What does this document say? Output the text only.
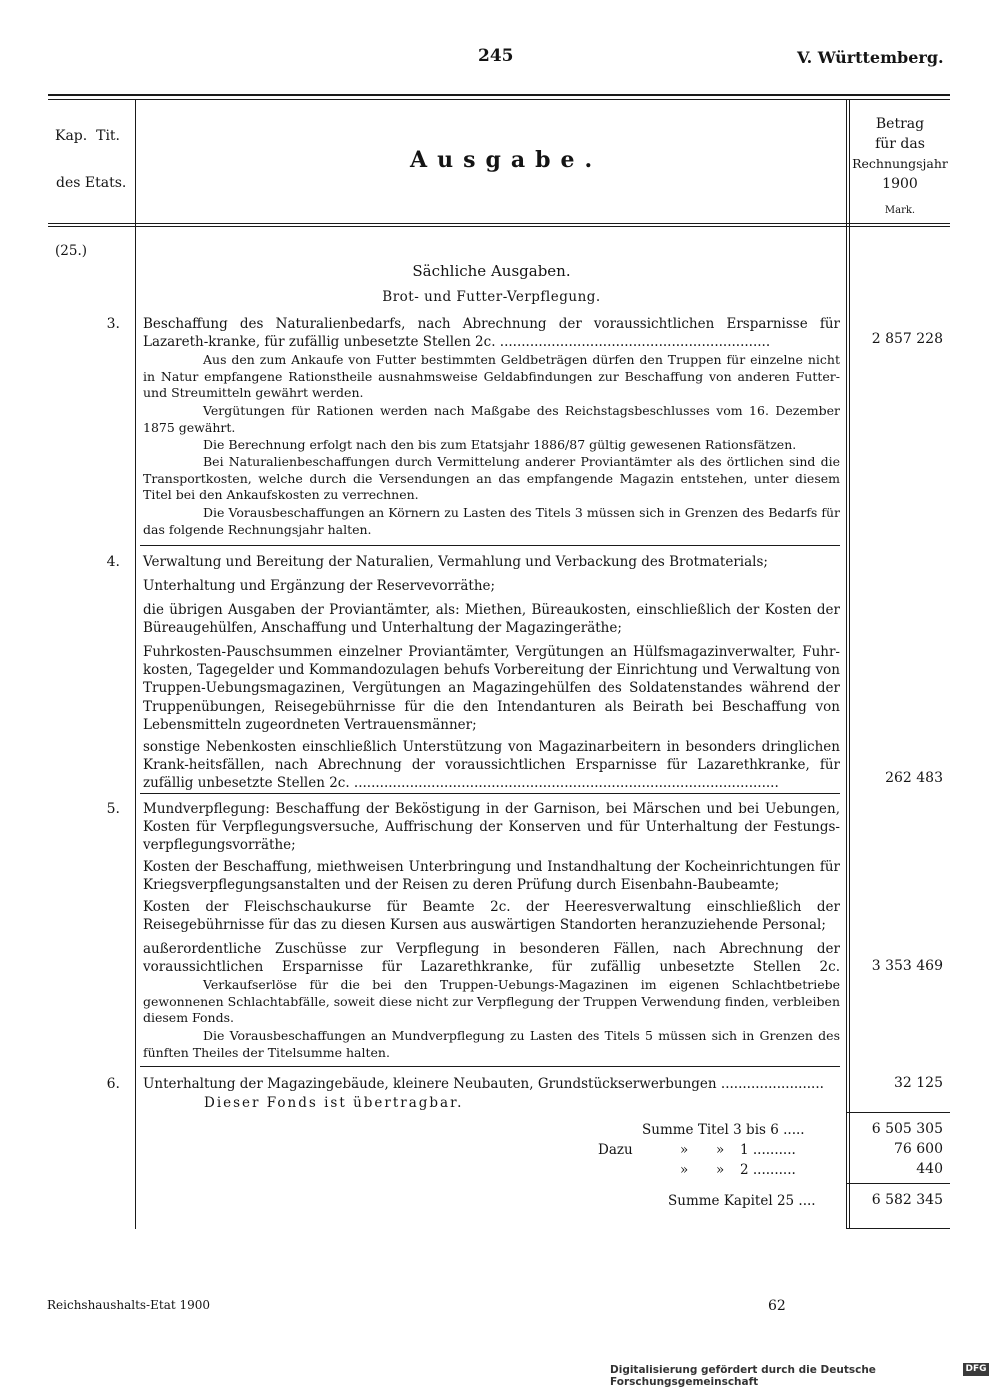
245	V. Württemberg.
Kap.  Tit.
des Etats.
Ausgabe.
Betrag
für das
Rechnungsjahr
1900
Mark.
(25.)
Sächliche Ausgaben.
Brot- und Futter-Verpflegung.
3. Beschaffung des Naturalienbedarfs, nach Abrechnung der voraussichtlichen Ersparnisse für Lazareth-kranke, für zufällig unbesetzte Stellen 2c. ...............................................................	2 857 228
Aus den zum Ankaufe von Futter bestimmten Geldbeträgen dürfen den Truppen für einzelne nicht in Natur empfangene Rationstheile ausnahmsweise Geldabfindungen zur Beschaffung von anderen Futter- und Streumitteln gewährt werden.
Vergütungen für Rationen werden nach Maßgabe des Reichstagsbeschlusses vom 16. Dezember 1875 gewährt.
Die Berechnung erfolgt nach den bis zum Etatsjahr 1886/87 gültig gewesenen Rationsfätzen.
Bei Naturalienbeschaffungen durch Vermittelung anderer Proviantämter als des örtlichen sind die Transportkosten, welche durch die Versendungen an das empfangende Magazin entstehen, unter diesem Titel bei den Ankaufskosten zu verrechnen.
Die Vorausbeschaffungen an Körnern zu Lasten des Titels 3 müssen sich in Grenzen des Bedarfs für das folgende Rechnungsjahr halten.
4. Verwaltung und Bereitung der Naturalien, Vermahlung und Verbackung des Brotmaterials;
Unterhaltung und Ergänzung der Reservevorräthe;
die übrigen Ausgaben der Proviantämter, als: Miethen, Büreaukosten, einschließlich der Kosten der Büreaugehülfen, Anschaffung und Unterhaltung der Magazingeräthe;
Fuhrkosten-Pauschsummen einzelner Proviantämter, Vergütungen an Hülfsmagazinverwalter, Fuhr-kosten, Tagegelder und Kommandozulagen behufs Vorbereitung der Einrichtung und Verwaltung von Truppen-Uebungsmagazinen, Vergütungen an Magazingehülfen des Soldatenstandes während der Truppenübungen, Reisegebührnisse für die den Intendanturen als Beirath bei Beschaffung von Lebensmitteln zugeordneten Vertrauensmänner;
sonstige Nebenkosten einschließlich Unterstützung von Magazinarbeitern in besonders dringlichen Krank-heitsfällen, nach Abrechnung der voraussichtlichen Ersparnisse für Lazarethkranke, für zufällig unbesetzte Stellen 2c. ...................................................................................................	262 483
5. Mundverpflegung: Beschaffung der Beköstigung in der Garnison, bei Märschen und bei Uebungen, Kosten für Verpflegungsversuche, Auffrischung der Konserven und für Unterhaltung der Festungs-verpflegungsvorräthe;
Kosten der Beschaffung, miethweisen Unterbringung und Instandhaltung der Kocheinrichtungen für Kriegsverpflegungsanstalten und der Reisen zu deren Prüfung durch Eisenbahn-Baubeamte;
Kosten der Fleischschaukurse für Beamte 2c. der Heeresverwaltung einschließlich der Reisegebührnisse für das zu diesen Kursen aus auswärtigen Standorten heranzuziehende Personal;
außerordentliche Zuschüsse zur Verpflegung in besonderen Fällen, nach Abrechnung der voraussichtlichen Ersparnisse für Lazarethkranke, für zufällig unbesetzte Stellen 2c.	3 353 469
Verkaufserlöse für die bei den Truppen-Uebungs-Magazinen im eigenen Schlachtbetriebe gewonnenen Schlachtabfälle, soweit diese nicht zur Verpflegung der Truppen Verwendung finden, verbleiben diesem Fonds.
Die Vorausbeschaffungen an Mundverpflegung zu Lasten des Titels 5 müssen sich in Grenzen des fünften Theiles der Titelsumme halten.
6. Unterhaltung der Magazingebäude, kleinere Neubauten, Grundstückserwerbungen ........................	32 125
Dieser Fonds ist übertragbar.
Summe Titel 3 bis 6 .....	6 505 305
Dazu	» » 1 ..........	76 600
» » 2 ..........	440
Summe Kapitel 25 ....	6 582 345
Reichshaushalts-Etat 1900	62
Digitalisierung gefördert durch die Deutsche Forschungsgemeinschaft
DFG
